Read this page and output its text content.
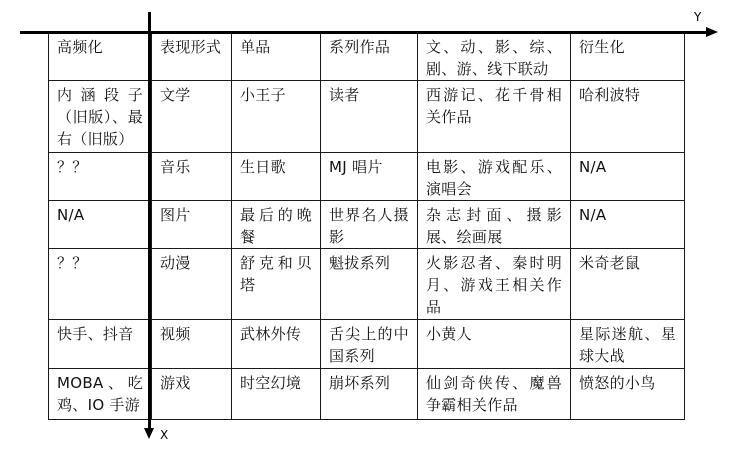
高频化	表现形式	单品	系列作品	文、动、影、综、剧、游、线下联动	衍生化
内涵段子（旧版）、最右（旧版）	文学	小王子	读者	西游记、花千骨相关作品	哈利波特
？？	音乐	生日歌	MJ 唱片	电影、游戏配乐、演唱会	N/A
N/A	图片	最后的晚餐	世界名人摄影	杂志封面、摄影展、绘画展	N/A
？？	动漫	舒克和贝塔	魁拔系列	火影忍者、秦时明月、游戏王相关作品	米奇老鼠
快手、抖音	视频	武林外传	舌尖上的中国系列	小黄人	星际迷航、星球大战
MOBA、吃鸡、IO 手游	游戏	时空幻境	崩坏系列	仙剑奇侠传、魔兽争霸相关作品	愤怒的小鸟
X
Y
